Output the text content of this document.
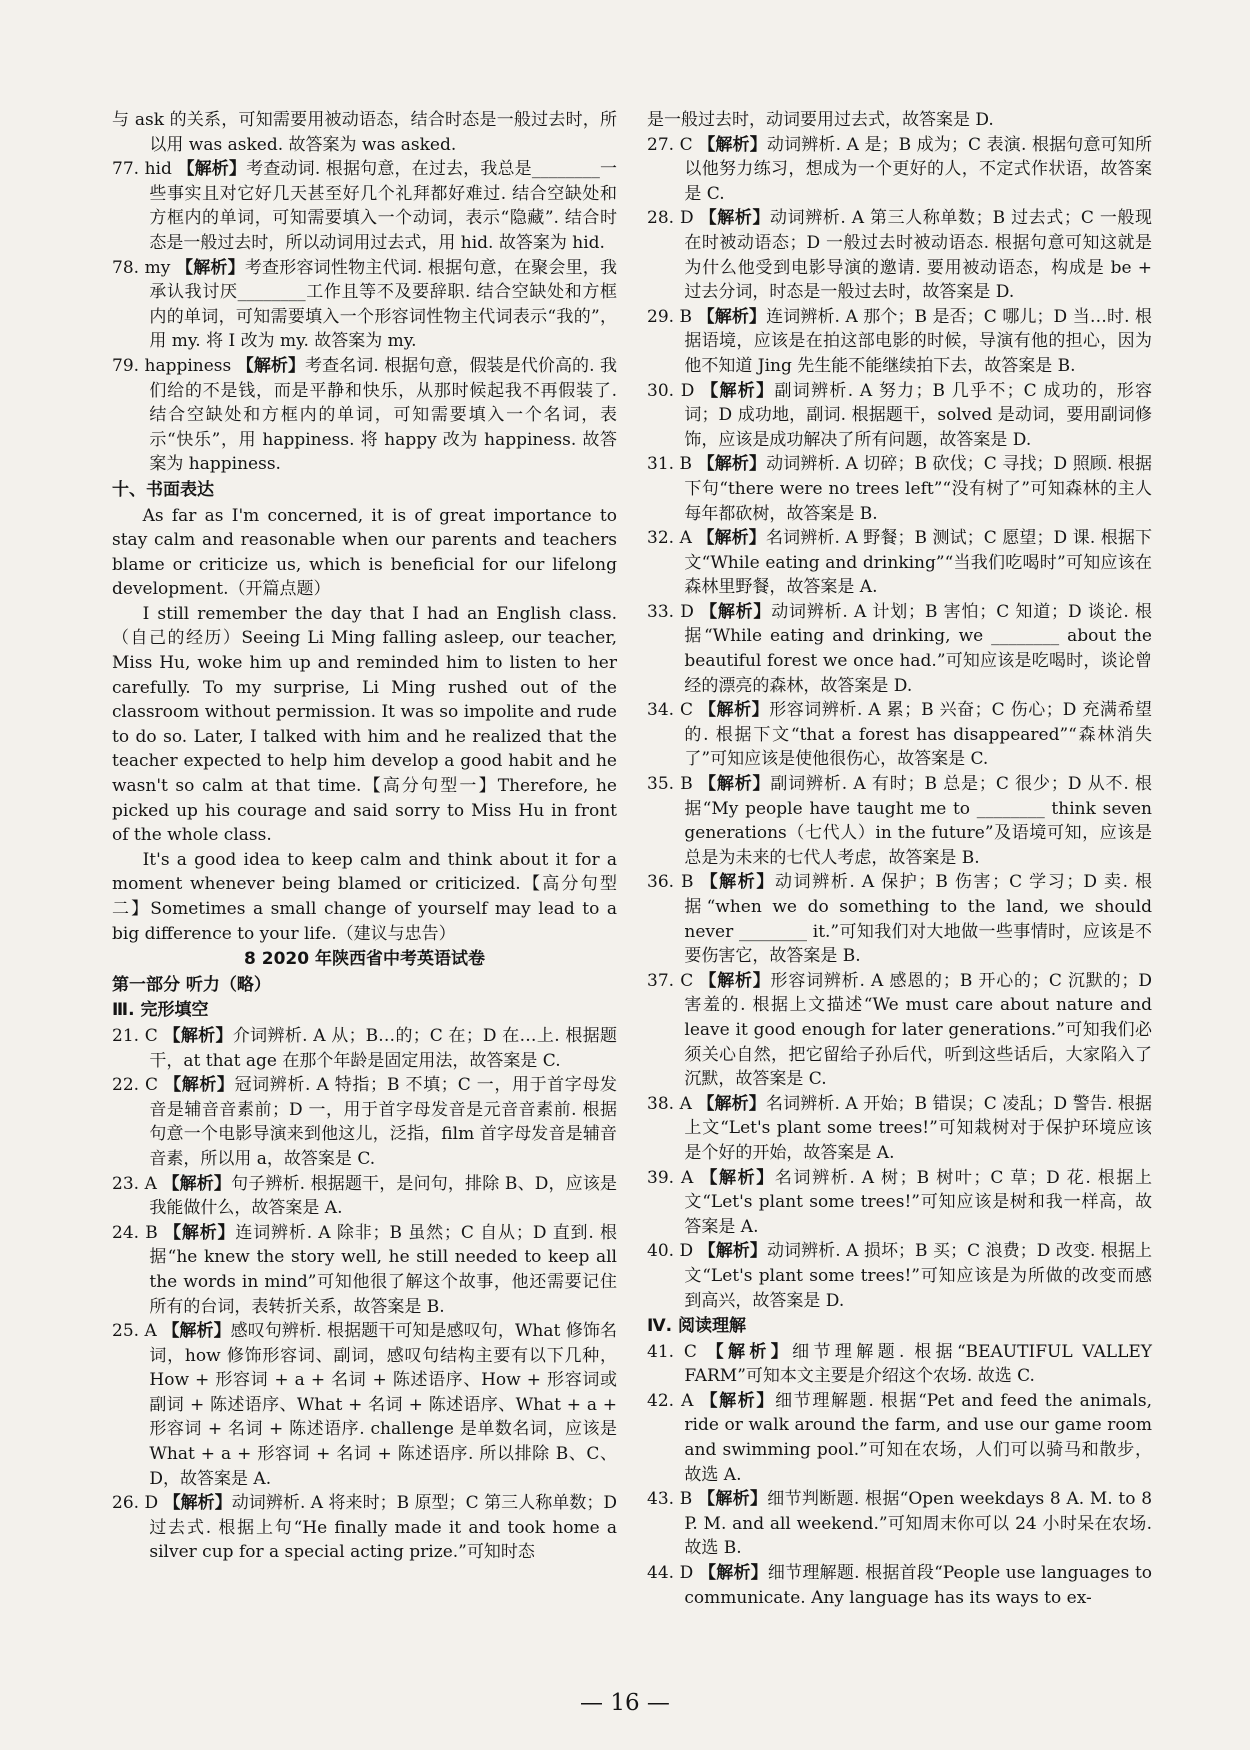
与 ask 的关系，可知需要用被动语态，结合时态是一般过去时，所以用 was asked. 故答案为 was asked.
77. hid 【解析】考查动词. 根据句意，在过去，我总是________一些事实且对它好几天甚至好几个礼拜都好难过. 结合空缺处和方框内的单词，可知需要填入一个动词，表示“隐藏”. 结合时态是一般过去时，所以动词用过去式，用 hid. 故答案为 hid.
78. my 【解析】考查形容词性物主代词. 根据句意，在聚会里，我承认我讨厌________工作且等不及要辞职. 结合空缺处和方框内的单词，可知需要填入一个形容词性物主代词表示“我的”，用 my. 将 I 改为 my. 故答案为 my.
79. happiness 【解析】考查名词. 根据句意，假装是代价高的. 我们给的不是钱，而是平静和快乐，从那时候起我不再假装了. 结合空缺处和方框内的单词，可知需要填入一个名词，表示“快乐”，用 happiness. 将 happy 改为 happiness. 故答案为 happiness.
十、书面表达
As far as I'm concerned, it is of great importance to stay calm and reasonable when our parents and teachers blame or criticize us, which is beneficial for our lifelong development.（开篇点题）
I still remember the day that I had an English class.（自己的经历）Seeing Li Ming falling asleep, our teacher, Miss Hu, woke him up and reminded him to listen to her carefully. To my surprise, Li Ming rushed out of the classroom without permission. It was so impolite and rude to do so. Later, I talked with him and he realized that the teacher expected to help him develop a good habit and he wasn't so calm at that time.【高分句型一】Therefore, he picked up his courage and said sorry to Miss Hu in front of the whole class.
It's a good idea to keep calm and think about it for a moment whenever being blamed or criticized.【高分句型二】Sometimes a small change of yourself may lead to a big difference to your life.（建议与忠告）
8 2020 年陕西省中考英语试卷
第一部分 听力（略）
Ⅲ. 完形填空
21. C 【解析】介词辨析. A 从；B…的；C 在；D 在…上. 根据题干，at that age 在那个年龄是固定用法，故答案是 C.
22. C 【解析】冠词辨析. A 特指；B 不填；C 一，用于首字母发音是辅音音素前；D 一，用于首字母发音是元音音素前. 根据句意一个电影导演来到他这儿，泛指，film 首字母发音是辅音音素，所以用 a，故答案是 C.
23. A 【解析】句子辨析. 根据题干，是问句，排除 B、D，应该是我能做什么，故答案是 A.
24. B 【解析】连词辨析. A 除非；B 虽然；C 自从；D 直到. 根据“he knew the story well, he still needed to keep all the words in mind”可知他很了解这个故事，他还需要记住所有的台词，表转折关系，故答案是 B.
25. A 【解析】感叹句辨析. 根据题干可知是感叹句，What 修饰名词，how 修饰形容词、副词，感叹句结构主要有以下几种，How + 形容词 + a + 名词 + 陈述语序、How + 形容词或副词 + 陈述语序、What + 名词 + 陈述语序、What + a + 形容词 + 名词 + 陈述语序. challenge 是单数名词，应该是 What + a + 形容词 + 名词 + 陈述语序. 所以排除 B、C、D，故答案是 A.
26. D 【解析】动词辨析. A 将来时；B 原型；C 第三人称单数；D 过去式. 根据上句“He finally made it and took home a silver cup for a special acting prize.”可知时态
是一般过去时，动词要用过去式，故答案是 D.
27. C 【解析】动词辨析. A 是；B 成为；C 表演. 根据句意可知所以他努力练习，想成为一个更好的人，不定式作状语，故答案是 C.
28. D 【解析】动词辨析. A 第三人称单数；B 过去式；C 一般现在时被动语态；D 一般过去时被动语态. 根据句意可知这就是为什么他受到电影导演的邀请. 要用被动语态，构成是 be + 过去分词，时态是一般过去时，故答案是 D.
29. B 【解析】连词辨析. A 那个；B 是否；C 哪儿；D 当…时. 根据语境，应该是在拍这部电影的时候，导演有他的担心，因为他不知道 Jing 先生能不能继续拍下去，故答案是 B.
30. D 【解析】副词辨析. A 努力；B 几乎不；C 成功的，形容词；D 成功地，副词. 根据题干，solved 是动词，要用副词修饰，应该是成功解决了所有问题，故答案是 D.
31. B 【解析】动词辨析. A 切碎；B 砍伐；C 寻找；D 照顾. 根据下句“there were no trees left”“没有树了”可知森林的主人每年都砍树，故答案是 B.
32. A 【解析】名词辨析. A 野餐；B 测试；C 愿望；D 课. 根据下文“While eating and drinking”“当我们吃喝时”可知应该在森林里野餐，故答案是 A.
33. D 【解析】动词辨析. A 计划；B 害怕；C 知道；D 谈论. 根据“While eating and drinking, we ________ about the beautiful forest we once had.”可知应该是吃喝时，谈论曾经的漂亮的森林，故答案是 D.
34. C 【解析】形容词辨析. A 累；B 兴奋；C 伤心；D 充满希望的. 根据下文“that a forest has disappeared”“森林消失了”可知应该是使他很伤心，故答案是 C.
35. B 【解析】副词辨析. A 有时；B 总是；C 很少；D 从不. 根据“My people have taught me to ________ think seven generations（七代人）in the future”及语境可知，应该是总是为未来的七代人考虑，故答案是 B.
36. B 【解析】动词辨析. A 保护；B 伤害；C 学习；D 卖. 根据“when we do something to the land, we should never ________ it.”可知我们对大地做一些事情时，应该是不要伤害它，故答案是 B.
37. C 【解析】形容词辨析. A 感恩的；B 开心的；C 沉默的；D 害羞的. 根据上文描述“We must care about nature and leave it good enough for later generations.”可知我们必须关心自然，把它留给子孙后代，听到这些话后，大家陷入了沉默，故答案是 C.
38. A 【解析】名词辨析. A 开始；B 错误；C 凌乱；D 警告. 根据上文“Let's plant some trees!”可知栽树对于保护环境应该是个好的开始，故答案是 A.
39. A 【解析】名词辨析. A 树；B 树叶；C 草；D 花. 根据上文“Let's plant some trees!”可知应该是树和我一样高，故答案是 A.
40. D 【解析】动词辨析. A 损坏；B 买；C 浪费；D 改变. 根据上文“Let's plant some trees!”可知应该是为所做的改变而感到高兴，故答案是 D.
Ⅳ. 阅读理解
41. C 【解析】细节理解题. 根据“BEAUTIFUL VALLEY FARM”可知本文主要是介绍这个农场. 故选 C.
42. A 【解析】细节理解题. 根据“Pet and feed the animals, ride or walk around the farm, and use our game room and swimming pool.”可知在农场，人们可以骑马和散步，故选 A.
43. B 【解析】细节判断题. 根据“Open weekdays 8 A. M. to 8 P. M. and all weekend.”可知周末你可以 24 小时呆在农场. 故选 B.
44. D 【解析】细节理解题. 根据首段“People use languages to communicate. Any language has its ways to ex-
— 16 —
